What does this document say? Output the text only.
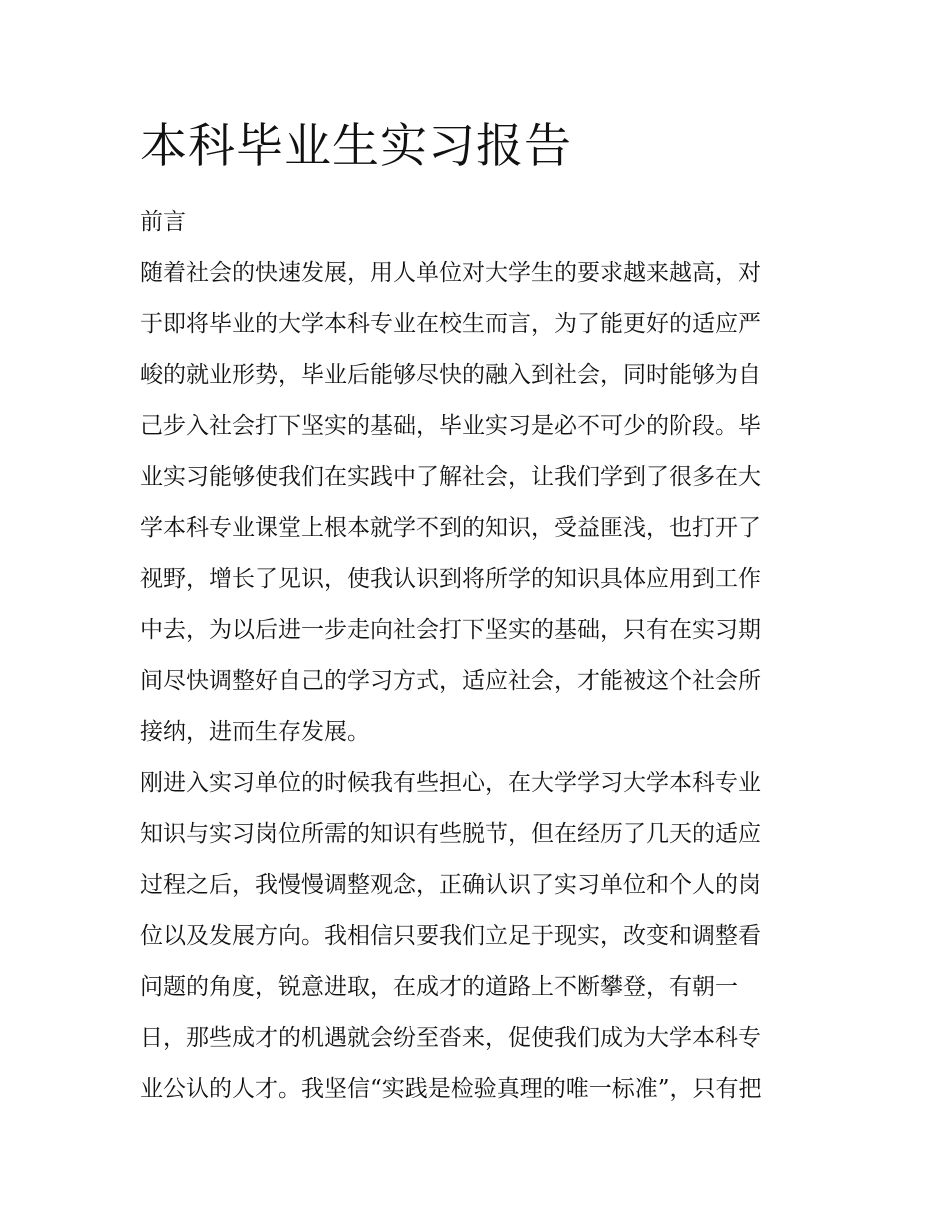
本科毕业生实习报告

前言

随着社会的快速发展，用人单位对大学生的要求越来越高，对

于即将毕业的大学本科专业在校生而言，为了能更好的适应严

峻的就业形势，毕业后能够尽快的融入到社会，同时能够为自

己步入社会打下坚实的基础，毕业实习是必不可少的阶段。毕

业实习能够使我们在实践中了解社会，让我们学到了很多在大

学本科专业课堂上根本就学不到的知识，受益匪浅，也打开了

视野，增长了见识，使我认识到将所学的知识具体应用到工作

中去，为以后进一步走向社会打下坚实的基础，只有在实习期

间尽快调整好自己的学习方式，适应社会，才能被这个社会所

接纳，进而生存发展。

刚进入实习单位的时候我有些担心，在大学学习大学本科专业

知识与实习岗位所需的知识有些脱节，但在经历了几天的适应

过程之后，我慢慢调整观念，正确认识了实习单位和个人的岗

位以及发展方向。我相信只要我们立足于现实，改变和调整看

问题的角度，锐意进取，在成才的道路上不断攀登，有朝一

日，那些成才的机遇就会纷至沓来，促使我们成为大学本科专

业公认的人才。我坚信“实践是检验真理的唯一标准”，只有把
